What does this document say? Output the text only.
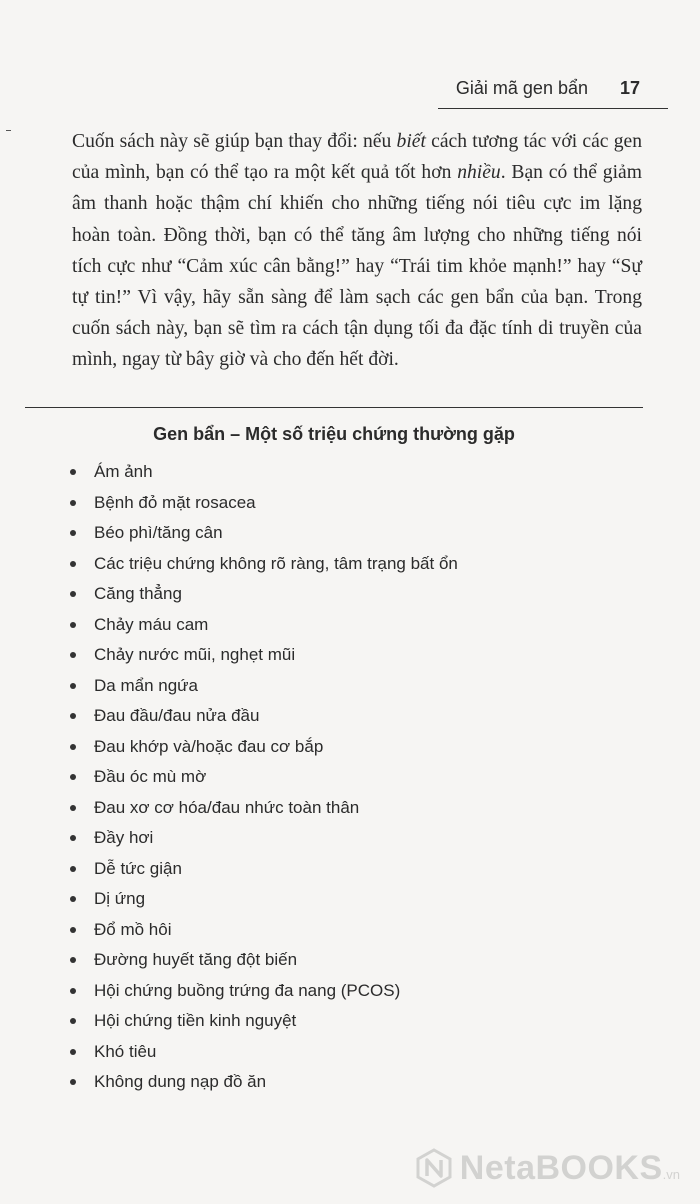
Giải mã gen bẩn 17

Cuốn sách này sẽ giúp bạn thay đổi: nếu biết cách tương tác với các gen của mình, bạn có thể tạo ra một kết quả tốt hơn nhiều. Bạn có thể giảm âm thanh hoặc thậm chí khiến cho những tiếng nói tiêu cực im lặng hoàn toàn. Đồng thời, bạn có thể tăng âm lượng cho những tiếng nói tích cực như “Cảm xúc cân bằng!” hay “Trái tim khỏe mạnh!” hay “Sự tự tin!” Vì vậy, hãy sẵn sàng để làm sạch các gen bẩn của bạn. Trong cuốn sách này, bạn sẽ tìm ra cách tận dụng tối đa đặc tính di truyền của mình, ngay từ bây giờ và cho đến hết đời.

Gen bẩn – Một số triệu chứng thường gặp
Ám ảnh
Bệnh đỏ mặt rosacea
Béo phì/tăng cân
Các triệu chứng không rõ ràng, tâm trạng bất ổn
Căng thẳng
Chảy máu cam
Chảy nước mũi, nghẹt mũi
Da mẩn ngứa
Đau đầu/đau nửa đầu
Đau khớp và/hoặc đau cơ bắp
Đầu óc mù mờ
Đau xơ cơ hóa/đau nhức toàn thân
Đầy hơi
Dễ tức giận
Dị ứng
Đổ mồ hôi
Đường huyết tăng đột biến
Hội chứng buồng trứng đa nang (PCOS)
Hội chứng tiền kinh nguyệt
Khó tiêu
Không dung nạp đồ ăn
NetaBOOKS .vn
